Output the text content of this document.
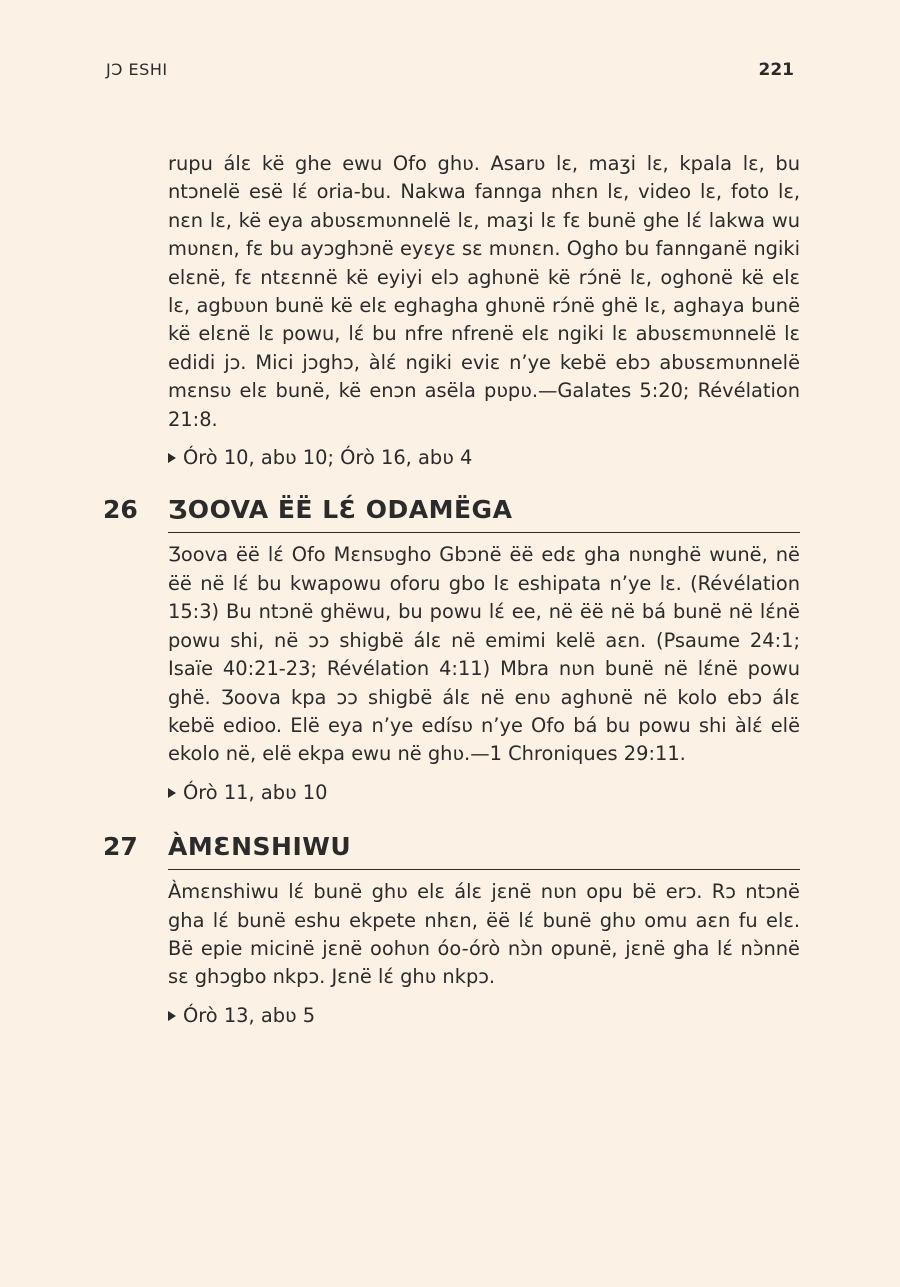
JƆ ESHI	221

rupu álɛ kë ghe ewu Ofo ghʋ. Asarʋ lɛ, maʒi lɛ, kpala lɛ, bu ntɔnelë esë lɛ́ oria-bu. Nakwa fannga nhɛn lɛ, video lɛ, foto lɛ, nɛn lɛ, kë eya abʋsɛmʋnnelë lɛ, maʒi lɛ fɛ bunë ghe lɛ́ lakwa wu mʋnɛn, fɛ bu ayɔghɔnë eyɛyɛ sɛ mʋnɛn. Ogho bu fannganë ngiki elɛnë, fɛ ntɛɛnnë kë eyiyi elɔ aghʋnë kë rɔ́në lɛ, oghonë kë elɛ lɛ, agbʋʋn bunë kë elɛ eghagha ghʋnë rɔ́në ghë lɛ, aghaya bunë kë elɛnë lɛ powu, lɛ́ bu nfre nfrenë elɛ ngiki lɛ abʋsɛmʋnnelë lɛ edidi jɔ. Mici jɔghɔ, àlɛ́ ngiki eviɛ n’ye kebë ebɔ abʋsɛmʋnnelë mɛnsʋ elɛ bunë, kë enɔn asëla pʋpʋ.—Galates 5:20; Révélation 21:8.

Órò 10, abʋ 10; Órò 16, abʋ 4
26 ƷOOVA ËË LƐ́ ODAMËGA

Ʒoova ëë lɛ́ Ofo Mɛnsʋgho Gbɔnë ëë edɛ gha nʋnghë wunë, në ëë në lɛ́ bu kwapowu oforu gbo lɛ eshipata n’ye lɛ. (Révélation 15:3) Bu ntɔnë ghëwu, bu powu lɛ́ ee, në ëë në bá bunë në lɛ́në powu shi, në ɔɔ shigbë álɛ në emimi kelë aɛn. (Psaume 24:1; Isaïe 40:21-23; Révélation 4:11) Mbra nʋn bunë në lɛ́në powu ghë. Ʒoova kpa ɔɔ shigbë álɛ në enʋ aghʋnë në kolo ebɔ álɛ kebë edioo. Elë eya n’ye edísʋ n’ye Ofo bá bu powu shi àlɛ́ elë ekolo në, elë ekpa ewu në ghʋ.—1 Chroniques 29:11.

Órò 11, abʋ 10
27 ÀMƐNSHIWU

Àmɛnshiwu lɛ́ bunë ghʋ elɛ álɛ jɛnë nʋn opu bë erɔ. Rɔ ntɔnë gha lɛ́ bunë eshu ekpete nhɛn, ëë lɛ́ bunë ghʋ omu aɛn fu elɛ. Bë epie micinë jɛnë oohʋn óo-órò nɔ̀n opunë, jɛnë gha lɛ́ nɔ̀nnë sɛ ghɔgbo nkpɔ. Jɛnë lɛ́ ghʋ nkpɔ.

Órò 13, abʋ 5
